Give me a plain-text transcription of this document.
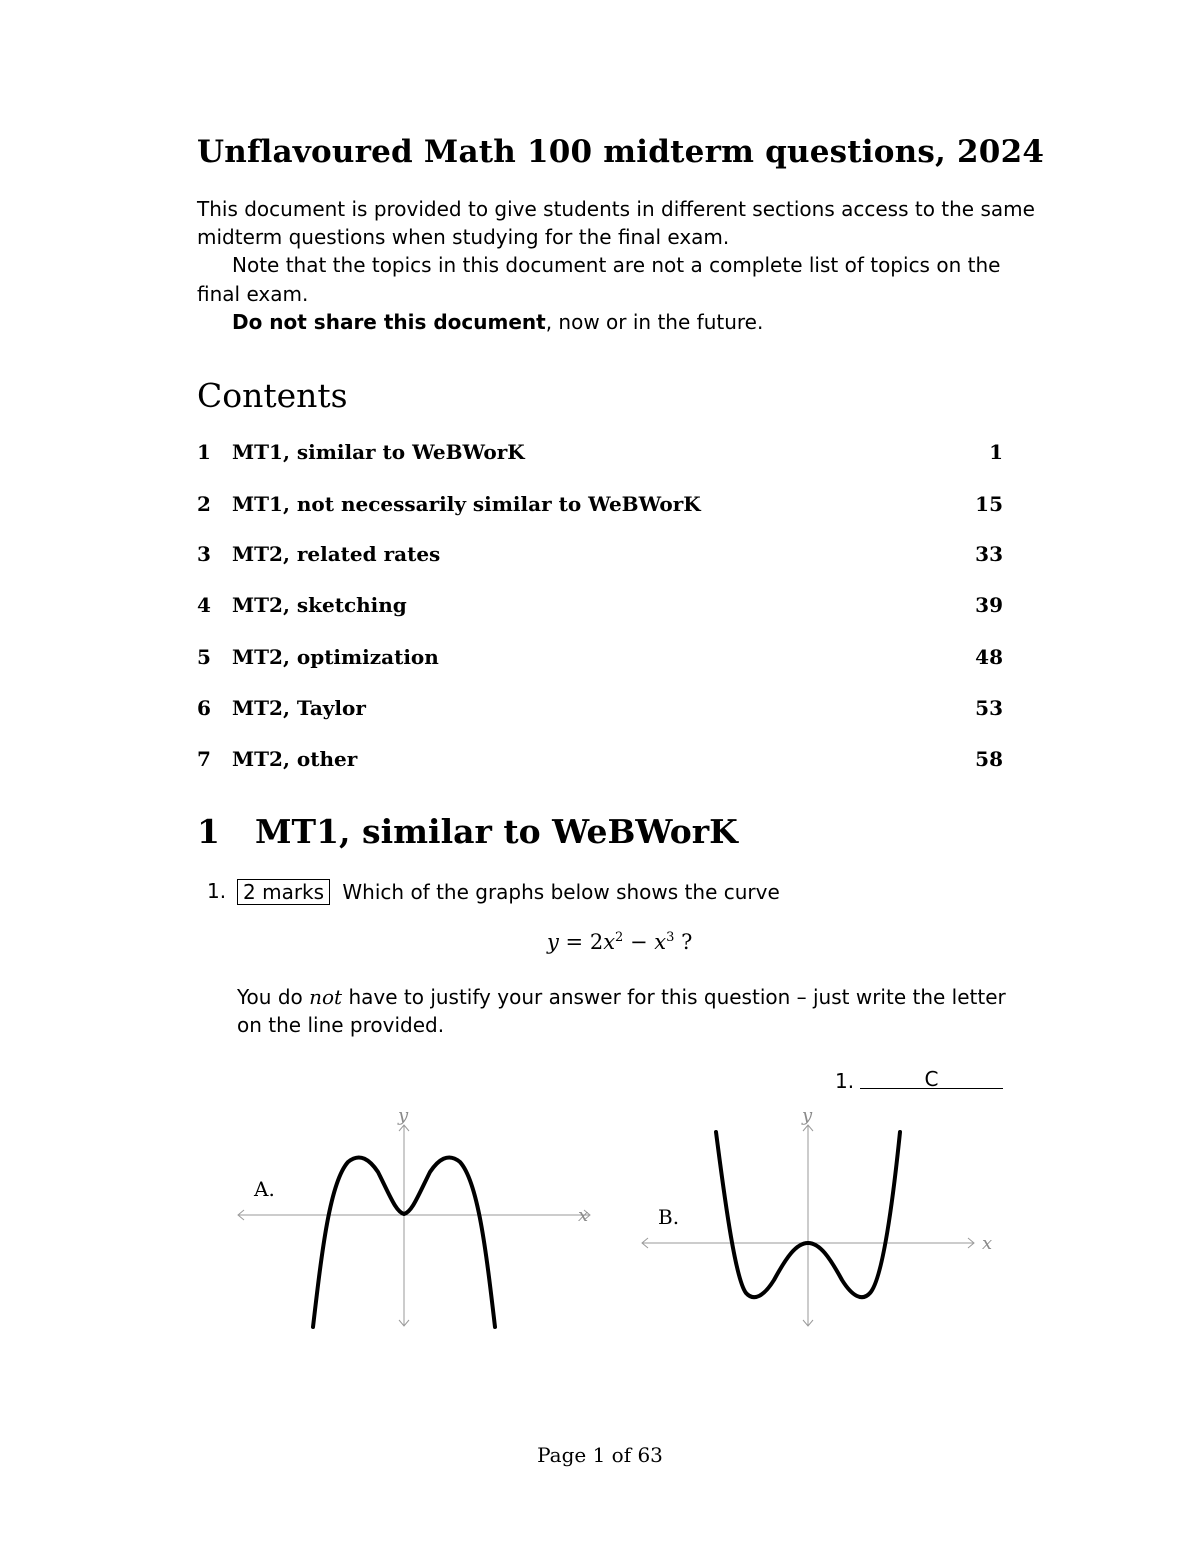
Unflavoured Math 100 midterm questions, 2024
This document is provided to give students in different sections access to the same
midterm questions when studying for the final exam.
Note that the topics in this document are not a complete list of topics on the
final exam.
Do not share this document, now or in the future.
Contents
1	MT1, similar to WeBWorK	1
2	MT1, not necessarily similar to WeBWorK	15
3	MT2, related rates	33
4	MT2, sketching	39
5	MT2, optimization	48
6	MT2, Taylor	53
7	MT2, other	58
1 MT1, similar to WeBWorK
1. 2 marks Which of the graphs below shows the curve
$y = 2x^2 - x^3$ ?
You do not have to justify your answer for this question – just write the letter
on the line provided.
1.	C
y
x
A.
y
x
B.
Page 1 of 63
